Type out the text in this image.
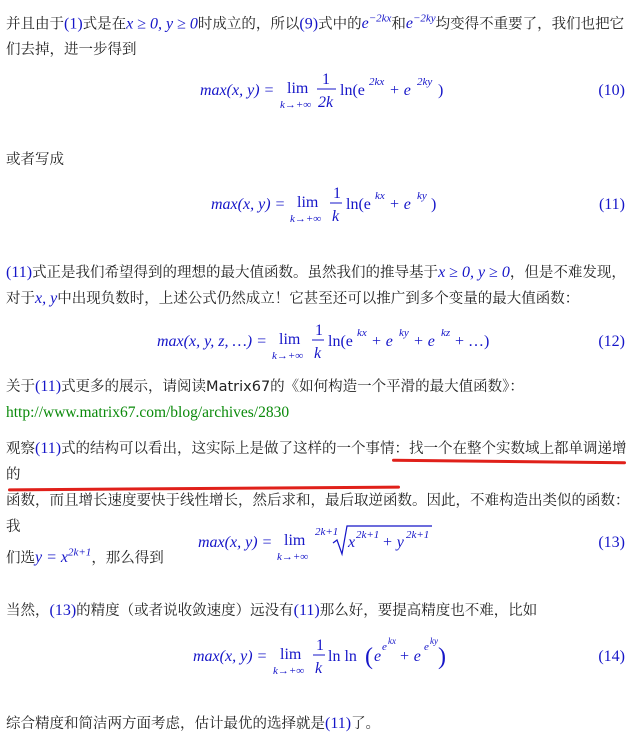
并且由于(1)式是在x ≥ 0, y ≥ 0时成立的，所以(9)式中的$e^{-2kx}$和$e^{-2ky}$均变得不重要了，我们也把它
们去掉，进一步得到

max(x, y) = lim
k→+∞
1
2k
ln(e 2kx + e 2ky )	(10)

或者写成

max(x, y) = lim
k→+∞
1
k
ln(e kx + e ky )	(11)

(11)式正是我们希望得到的理想的最大值函数。虽然我们的推导基于x ≥ 0, y ≥ 0，但是不难发现，
对于x, y中出现负数时，上述公式仍然成立！它甚至还可以推广到多个变量的最大值函数：

max(x, y, z, …) = lim
k→+∞
1
k
ln(e kx + e ky + e kz + …)	(12)

关于(11)式更多的展示，请阅读Matrix67的《如何构造一个平滑的最大值函数》：
http://www.matrix67.com/blog/archives/2830

观察(11)式的结构可以看出，这实际上是做了这样的一个事情：找一个在整个实数域上都单调递增的
函数，而且增长速度要快于线性增长，然后求和，最后取逆函数。因此，不难构造出类似的函数：我
们选$y = x^{2k+1}$，那么得到

max(x, y) = lim
k→+∞
2k+1
x 2k+1 + y 2k+1	(13)

当然，(13)的精度（或者说收敛速度）远没有(11)那么好，要提高精度也不难，比如

max(x, y) = lim
k→+∞
1
k
ln ln ( e
e kx
+ e
e ky
)	(14)

综合精度和简洁两方面考虑，估计最优的选择就是(11)了。
